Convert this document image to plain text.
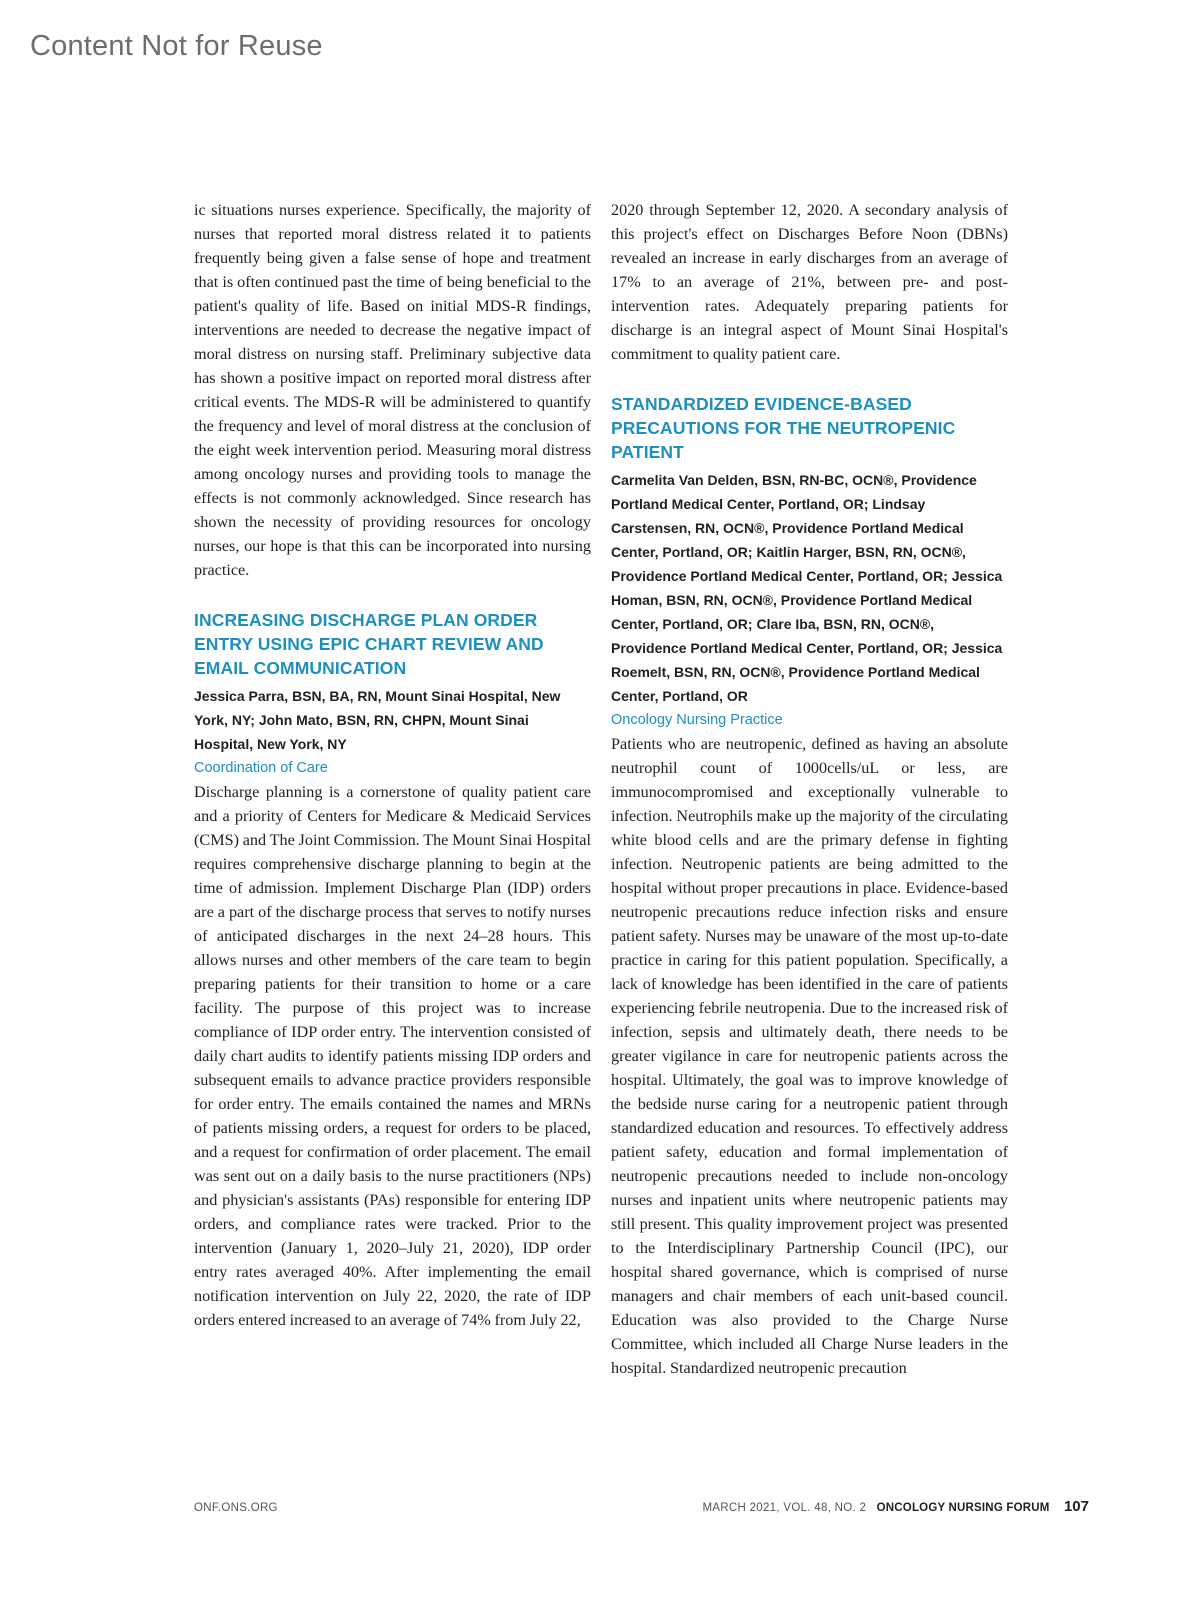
Content Not for Reuse

ic situations nurses experience. Specifically, the majority of nurses that reported moral distress related it to patients frequently being given a false sense of hope and treatment that is often continued past the time of being beneficial to the patient's quality of life. Based on initial MDS-R findings, interventions are needed to decrease the negative impact of moral distress on nursing staff. Preliminary subjective data has shown a positive impact on reported moral distress after critical events. The MDS-R will be administered to quantify the frequency and level of moral distress at the conclusion of the eight week intervention period. Measuring moral distress among oncology nurses and providing tools to manage the effects is not commonly acknowledged. Since research has shown the necessity of providing resources for oncology nurses, our hope is that this can be incorporated into nursing practice.

INCREASING DISCHARGE PLAN ORDER ENTRY USING EPIC CHART REVIEW AND EMAIL COMMUNICATION

Jessica Parra, BSN, BA, RN, Mount Sinai Hospital, New York, NY; John Mato, BSN, RN, CHPN, Mount Sinai Hospital, New York, NY

Coordination of Care

Discharge planning is a cornerstone of quality patient care and a priority of Centers for Medicare & Medicaid Services (CMS) and The Joint Commission. The Mount Sinai Hospital requires comprehensive discharge planning to begin at the time of admission. Implement Discharge Plan (IDP) orders are a part of the discharge process that serves to notify nurses of anticipated discharges in the next 24–28 hours. This allows nurses and other members of the care team to begin preparing patients for their transition to home or a care facility. The purpose of this project was to increase compliance of IDP order entry. The intervention consisted of daily chart audits to identify patients missing IDP orders and subsequent emails to advance practice providers responsible for order entry. The emails contained the names and MRNs of patients missing orders, a request for orders to be placed, and a request for confirmation of order placement. The email was sent out on a daily basis to the nurse practitioners (NPs) and physician's assistants (PAs) responsible for entering IDP orders, and compliance rates were tracked. Prior to the intervention (January 1, 2020–July 21, 2020), IDP order entry rates averaged 40%. After implementing the email notification intervention on July 22, 2020, the rate of IDP orders entered increased to an average of 74% from July 22,

2020 through September 12, 2020. A secondary analysis of this project's effect on Discharges Before Noon (DBNs) revealed an increase in early discharges from an average of 17% to an average of 21%, between pre- and post-intervention rates. Adequately preparing patients for discharge is an integral aspect of Mount Sinai Hospital's commitment to quality patient care.

STANDARDIZED EVIDENCE-BASED PRECAUTIONS FOR THE NEUTROPENIC PATIENT

Carmelita Van Delden, BSN, RN-BC, OCN®, Providence Portland Medical Center, Portland, OR; Lindsay Carstensen, RN, OCN®, Providence Portland Medical Center, Portland, OR; Kaitlin Harger, BSN, RN, OCN®, Providence Portland Medical Center, Portland, OR; Jessica Homan, BSN, RN, OCN®, Providence Portland Medical Center, Portland, OR; Clare Iba, BSN, RN, OCN®, Providence Portland Medical Center, Portland, OR; Jessica Roemelt, BSN, RN, OCN®, Providence Portland Medical Center, Portland, OR

Oncology Nursing Practice

Patients who are neutropenic, defined as having an absolute neutrophil count of 1000cells/uL or less, are immunocompromised and exceptionally vulnerable to infection. Neutrophils make up the majority of the circulating white blood cells and are the primary defense in fighting infection. Neutropenic patients are being admitted to the hospital without proper precautions in place. Evidence-based neutropenic precautions reduce infection risks and ensure patient safety. Nurses may be unaware of the most up-to-date practice in caring for this patient population. Specifically, a lack of knowledge has been identified in the care of patients experiencing febrile neutropenia. Due to the increased risk of infection, sepsis and ultimately death, there needs to be greater vigilance in care for neutropenic patients across the hospital. Ultimately, the goal was to improve knowledge of the bedside nurse caring for a neutropenic patient through standardized education and resources. To effectively address patient safety, education and formal implementation of neutropenic precautions needed to include non-oncology nurses and inpatient units where neutropenic patients may still present. This quality improvement project was presented to the Interdisciplinary Partnership Council (IPC), our hospital shared governance, which is comprised of nurse managers and chair members of each unit-based council. Education was also provided to the Charge Nurse Committee, which included all Charge Nurse leaders in the hospital. Standardized neutropenic precaution

ONF.ONS.ORG	MARCH 2021, VOL. 48, NO. 2 ONCOLOGY NURSING FORUM 107
